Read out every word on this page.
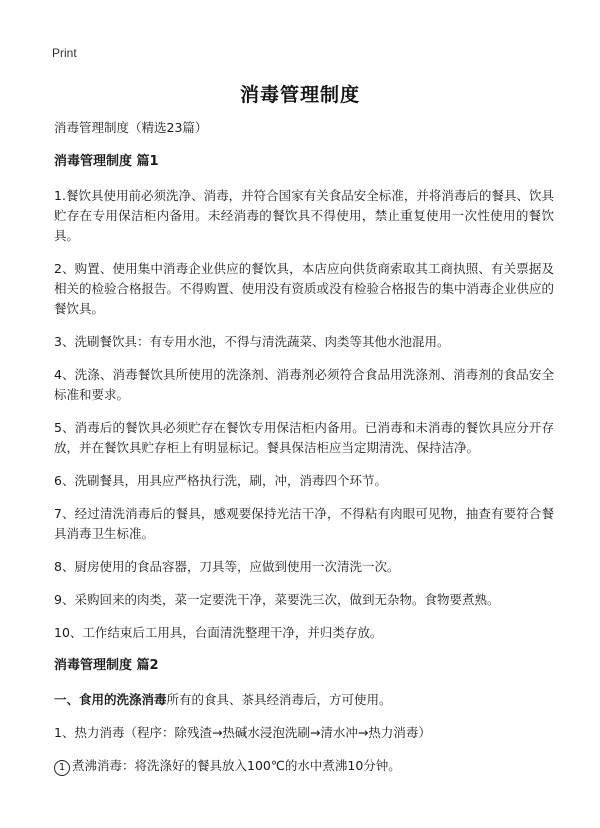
Print
消毒管理制度
消毒管理制度（精选23篇）
消毒管理制度 篇1
1.餐饮具使用前必须洗净、消毒，并符合国家有关食品安全标准，并将消毒后的餐具、饮具贮存在专用保洁柜内备用。未经消毒的餐饮具不得使用，禁止重复使用一次性使用的餐饮具。
2、购置、使用集中消毒企业供应的餐饮具，本店应向供货商索取其工商执照、有关票据及相关的检验合格报告。不得购置、使用没有资质或没有检验合格报告的集中消毒企业供应的餐饮具。
3、洗刷餐饮具：有专用水池，不得与清洗蔬菜、肉类等其他水池混用。
4、洗涤、消毒餐饮具所使用的洗涤剂、消毒剂必须符合食品用洗涤剂、消毒剂的食品安全标准和要求。
5、消毒后的餐饮具必须贮存在餐饮专用保洁柜内备用。已消毒和未消毒的餐饮具应分开存放，并在餐饮具贮存柜上有明显标记。餐具保洁柜应当定期清洗、保持洁净。
6、洗刷餐具，用具应严格执行洗，刷，冲，消毒四个环节。
7、经过清洗消毒后的餐具，感观要保持光洁干净，不得粘有肉眼可见物，抽查有要符合餐具消毒卫生标准。
8、厨房使用的食品容器，刀具等，应做到使用一次清洗一次。
9、采购回来的肉类，菜一定要洗干净，菜要洗三次，做到无杂物。食物要煮熟。
10、工作结束后工用具，台面清洗整理干净，并归类存放。
消毒管理制度 篇2
一、食用的洗涤消毒所有的食具、茶具经消毒后，方可使用。
1、热力消毒（程序：除残渣→热碱水浸泡洗刷→清水冲→热力消毒）
1 煮沸消毒：将洗涤好的餐具放入100℃的水中煮沸10分钟。
